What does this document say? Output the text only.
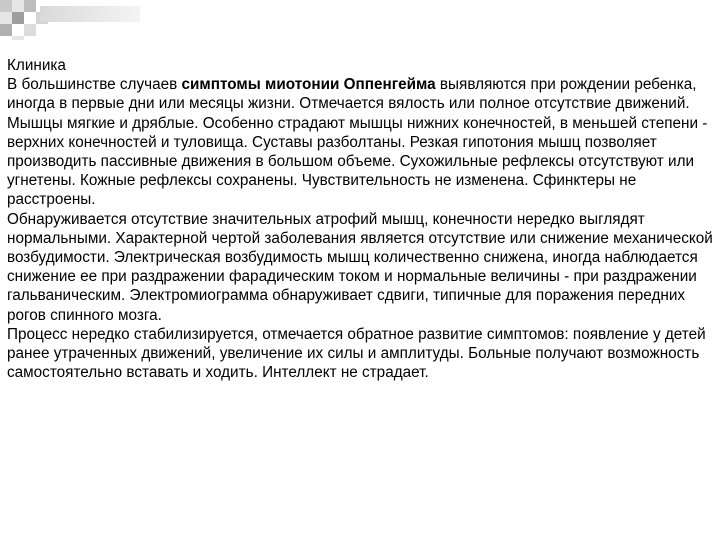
Клиника

В большинстве случаев симптомы миотонии Оппенгейма выявляются при рождении ребенка, иногда в первые дни или месяцы жизни. Отмечается вялость или полное отсутствие движений. Мышцы мягкие и дряблые. Особенно страдают мышцы нижних конечностей, в меньшей степени - верхних конечностей и туловища. Суставы разболтаны. Резкая гипотония мышц позволяет производить пассивные движения в большом объеме. Сухожильные рефлексы отсутствуют или угнетены. Кожные рефлексы сохранены. Чувствительность не изменена. Сфинктеры не расстроены.

Обнаруживается отсутствие значительных атрофий мышц, конечности нередко выглядят нормальными. Характерной чертой заболевания является отсутствие или снижение механической возбудимости. Электрическая возбудимость мышц количественно снижена, иногда наблюдается снижение ее при раздражении фарадическим током и нормальные величины - при раздражении гальваническим. Электромиограмма обнаруживает сдвиги, типичные для поражения передних рогов спинного мозга.

Процесс нередко стабилизируется, отмечается обратное развитие симптомов: появление у детей ранее утраченных движений, увеличение их силы и амплитуды. Больные получают возможность самостоятельно вставать и ходить. Интеллект не страдает.
